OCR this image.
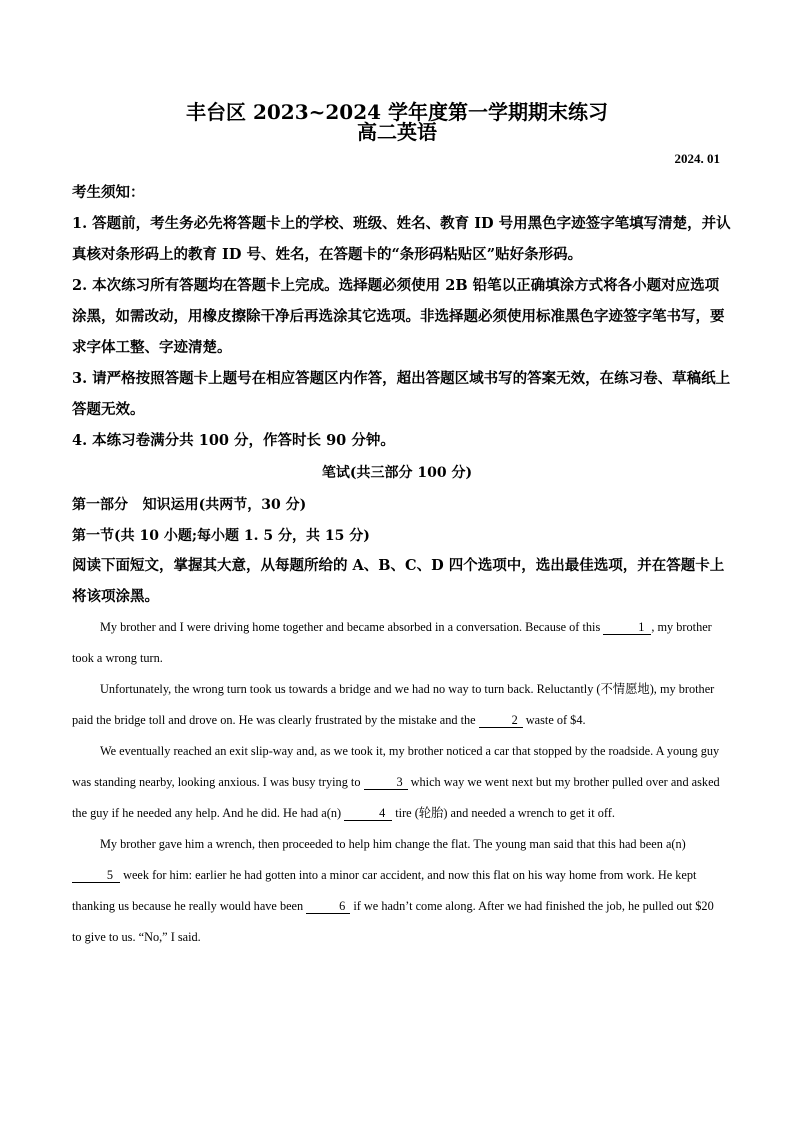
丰台区 2023~2024 学年度第一学期期末练习
高二英语
2024. 01

考生须知：

1. 答题前，考生务必先将答题卡上的学校、班级、姓名、教育 ID 号用黑色字迹签字笔填写清楚，并认真核对条形码上的教育 ID 号、姓名，在答题卡的“条形码粘贴区”贴好条形码。

2. 本次练习所有答题均在答题卡上完成。选择题必须使用 2B 铅笔以正确填涂方式将各小题对应选项涂黑，如需改动，用橡皮擦除干净后再选涂其它选项。非选择题必须使用标准黑色字迹签字笔书写，要求字体工整、字迹清楚。

3. 请严格按照答题卡上题号在相应答题区内作答，超出答题区域书写的答案无效，在练习卷、草稿纸上答题无效。

4. 本练习卷满分共 100 分，作答时长 90 分钟。

笔试(共三部分 100 分)
第一部分   知识运用(共两节，30 分)
第一节(共 10 小题;每小题 1. 5 分，共 15 分)
阅读下面短文，掌握其大意，从每题所给的 A、B、C、D 四个选项中，选出最佳选项，并在答题卡上将该项涂黑。

My brother and I were driving home together and became absorbed in a conversation. Because of this	1 , my brother took a wrong turn.

Unfortunately, the wrong turn took us towards a bridge and we had no way to turn back. Reluctantly (不情愿地), my brother paid the bridge toll and drove on. He was clearly frustrated by the mistake and the	2 waste of $4.

We eventually reached an exit slip-way and, as we took it, my brother noticed a car that stopped by the roadside. A young guy was standing nearby, looking anxious. I was busy trying to	3 which way we went next but my brother pulled over and asked the guy if he needed any help. And he did. He had a(n)	4 tire (轮胎) and needed a wrench to get it off.

My brother gave him a wrench, then proceeded to help him change the flat. The young man said that this had been a(n) 5 week for him: earlier he had gotten into a minor car accident, and now this flat on his way home from work. He kept thanking us because he really would have been	6 if we hadn’t come along. After we had finished the job, he pulled out $20 to give to us. “No,” I said.
